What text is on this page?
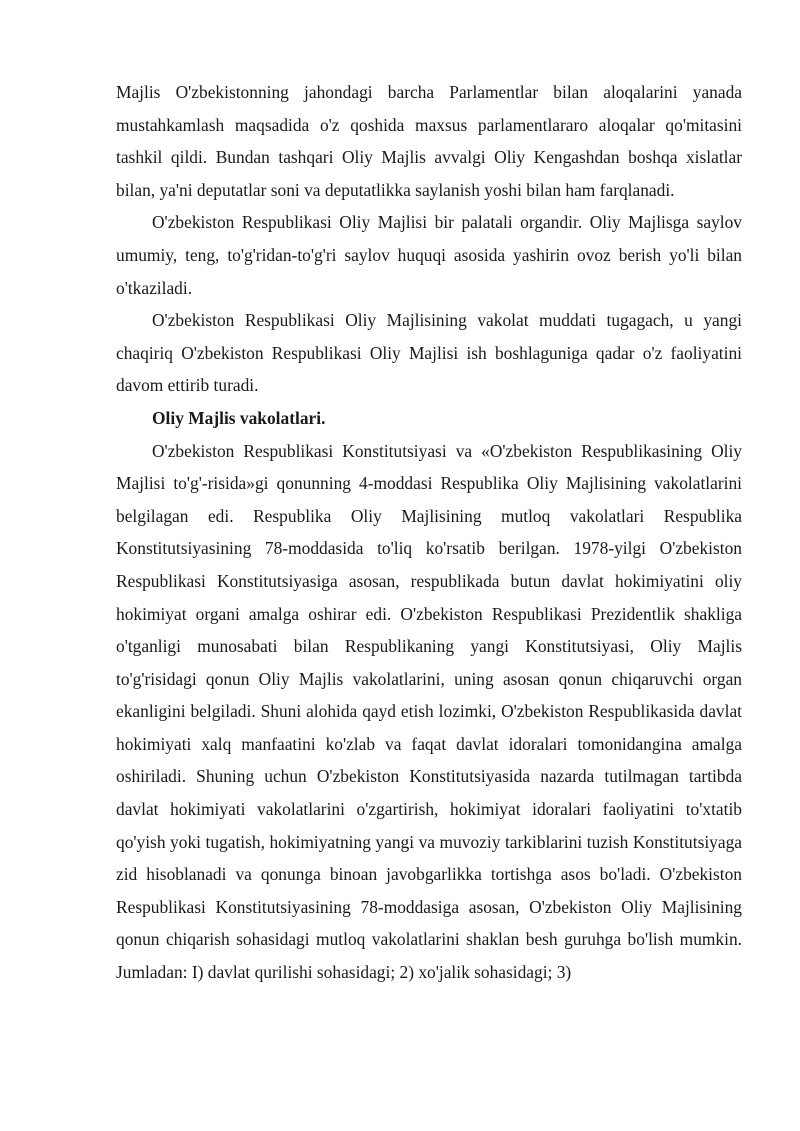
Majlis O'zbekistonning jahondagi barcha Parlamentlar bilan aloqalarini yanada mustahkamlash maqsadida o'z qoshida maxsus parlamentlararo aloqalar qo'mitasini tashkil qildi. Bundan tashqari Oliy Majlis avvalgi Oliy Kengashdan boshqa xislatlar bilan, ya'ni deputatlar soni va deputatlikka saylanish yoshi bilan ham farqlanadi.

O'zbekiston Respublikasi Oliy Majlisi bir palatali organdir. Oliy Majlisga saylov umumiy, teng, to'g'ridan-to'g'ri saylov huquqi asosida yashirin ovoz berish yo'li bilan o'tkaziladi.

O'zbekiston Respublikasi Oliy Majlisining vakolat muddati tugagach, u yangi chaqiriq O'zbekiston Respublikasi Oliy Majlisi ish boshlaguniga qadar o'z faoliyatini davom ettirib turadi.

Oliy Majlis vakolatlari.

O'zbekiston Respublikasi Konstitutsiyasi va «O'zbekiston Respublikasining Oliy Majlisi to'g'-risida»gi qonunning 4-moddasi Respublika Oliy Majlisining vakolatlarini belgilagan edi. Respublika Oliy Majlisining mutloq vakolatlari Respublika Konstitutsiyasining 78-moddasida to'liq ko'rsatib berilgan. 1978-yilgi O'zbekiston Respublikasi Konstitutsiyasiga asosan, respublikada butun davlat hokimiyatini oliy hokimiyat organi amalga oshirar edi. O'zbekiston Respublikasi Prezidentlik shakliga o'tganligi munosabati bilan Respublikaning yangi Konstitutsiyasi, Oliy Majlis to'g'risidagi qonun Oliy Majlis vakolatlarini, uning asosan qonun chiqaruvchi organ ekanligini belgiladi. Shuni alohida qayd etish lozimki, O'zbekiston Respublikasida davlat hokimiyati xalq manfaatini ko'zlab va faqat davlat idoralari tomonidangina amalga oshiriladi. Shuning uchun O'zbekiston Konstitutsiyasida nazarda tutilmagan tartibda davlat hokimiyati vakolatlarini o'zgartirish, hokimiyat idoralari faoliyatini to'xtatib qo'yish yoki tugatish, hokimiyatning yangi va muvoziy tarkiblarini tuzish Konstitutsiyaga zid hisoblanadi va qonunga binoan javobgarlikka tortishga asos bo'ladi. O'zbekiston Respublikasi Konstitutsiyasining 78-moddasiga asosan, O'zbekiston Oliy Majlisining qonun chiqarish sohasidagi mutloq vakolatlarini shaklan besh guruhga bo'lish mumkin. Jumladan: I) davlat qurilishi sohasidagi; 2) xo'jalik sohasidagi; 3)
